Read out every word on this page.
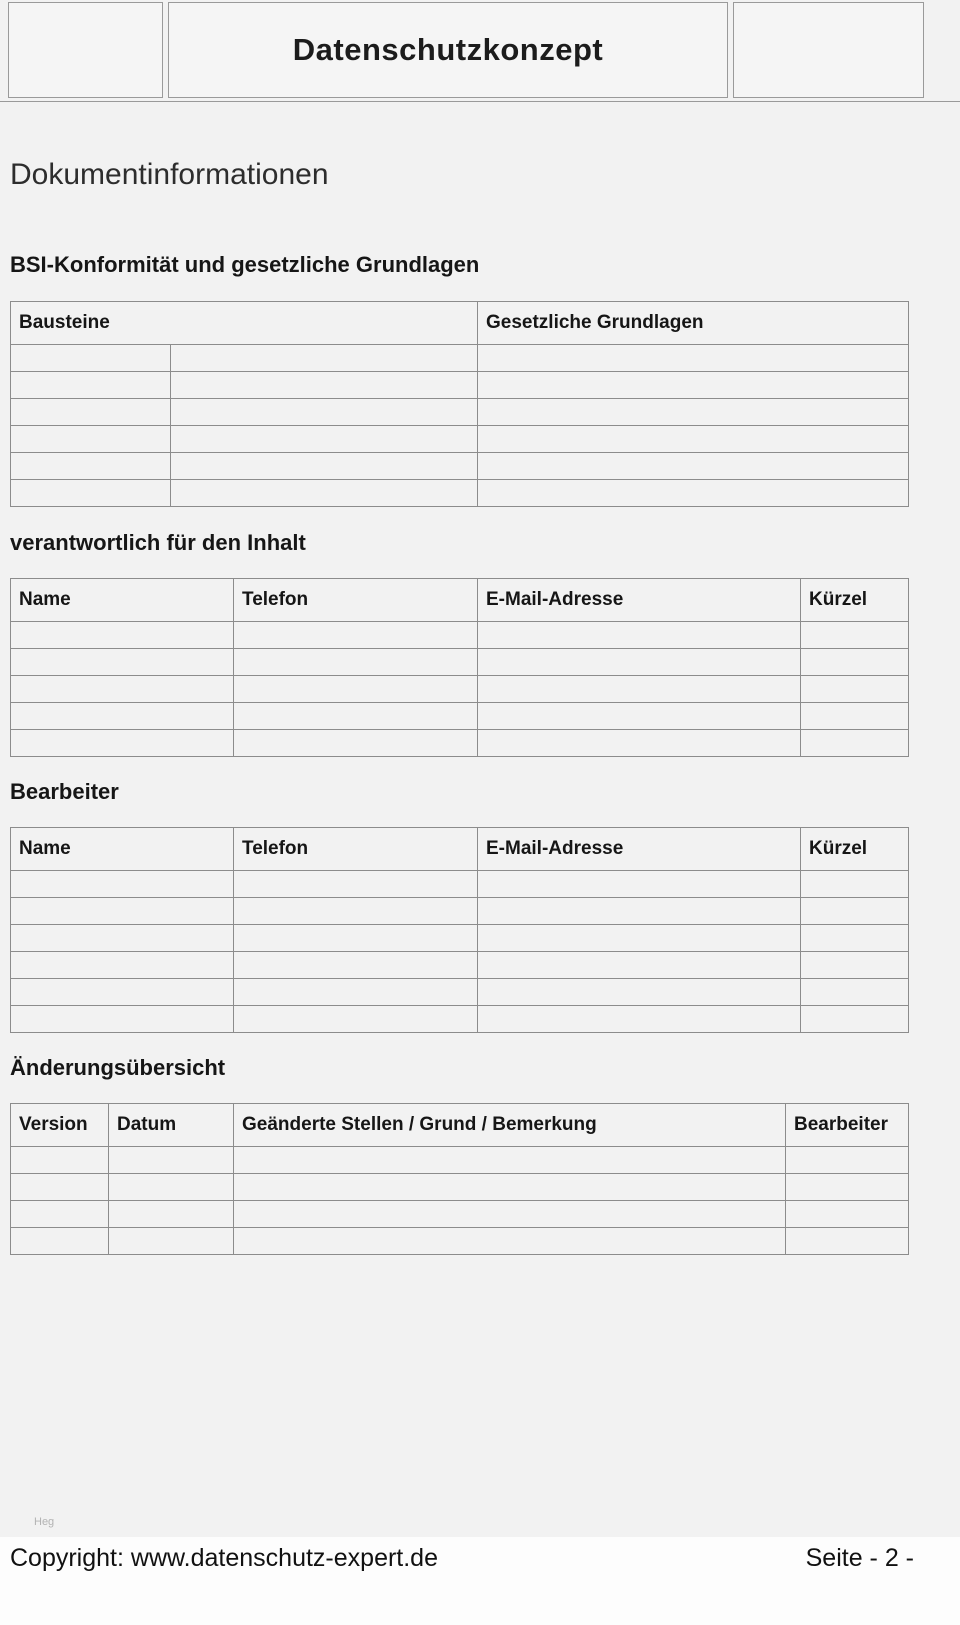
Datenschutzkonzept
Dokumentinformationen
BSI-Konformität und gesetzliche Grundlagen
Bausteine		Gesetzliche Grundlagen

verantwortlich für den Inhalt
Name	Telefon	E-Mail-Adresse	Kürzel

Bearbeiter
Name	Telefon	E-Mail-Adresse	Kürzel

Änderungsübersicht
Version	Datum	Geänderte Stellen / Grund / Bemerkung	Bearbeiter

Heg
Copyright: www.datenschutz-expert.de	Seite - 2 -
